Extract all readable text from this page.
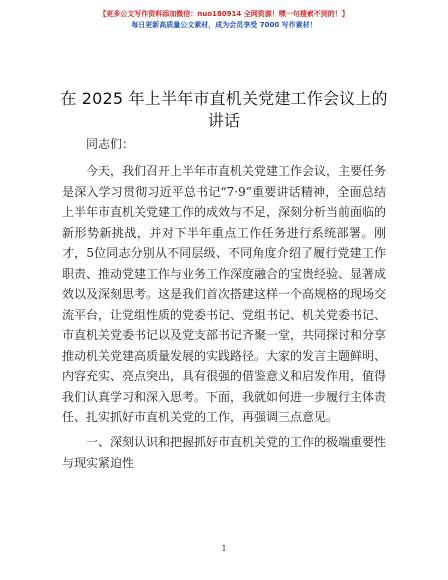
【更多公文写作资料添加微信：nuo180914 全网资源！嘿一句搜索不到的！】
每日更新高质量公文素材，成为会员享受 7000 写作素材！
在 2025 年上半年市直机关党建工作会议上的讲话
同志们：
今天，我们召开上半年市直机关党建工作会议，主要任务是深入学习贯彻习近平总书记“7·9”重要讲话精神，全面总结上半年市直机关党建工作的成效与不足，深刻分析当前面临的新形势新挑战，并对下半年重点工作任务进行系统部署。刚才，5位同志分别从不同层级、不同角度介绍了履行党建工作职责、推动党建工作与业务工作深度融合的宝贵经验、显著成效以及深刻思考。这是我们首次搭建这样一个高规格的现场交流平台，让党组性质的党委书记、党组书记、机关党委书记、市直机关党委书记以及党支部书记齐聚一堂，共同探讨和分享推动机关党建高质量发展的实践路径。大家的发言主题鲜明、内容充实、亮点突出，具有很强的借鉴意义和启发作用，值得我们认真学习和深入思考。下面，我就如何进一步履行主体责任、扎实抓好市直机关党的工作，再强调三点意见。
一、深刻认识和把握抓好市直机关党的工作的极端重要性与现实紧迫性
1
